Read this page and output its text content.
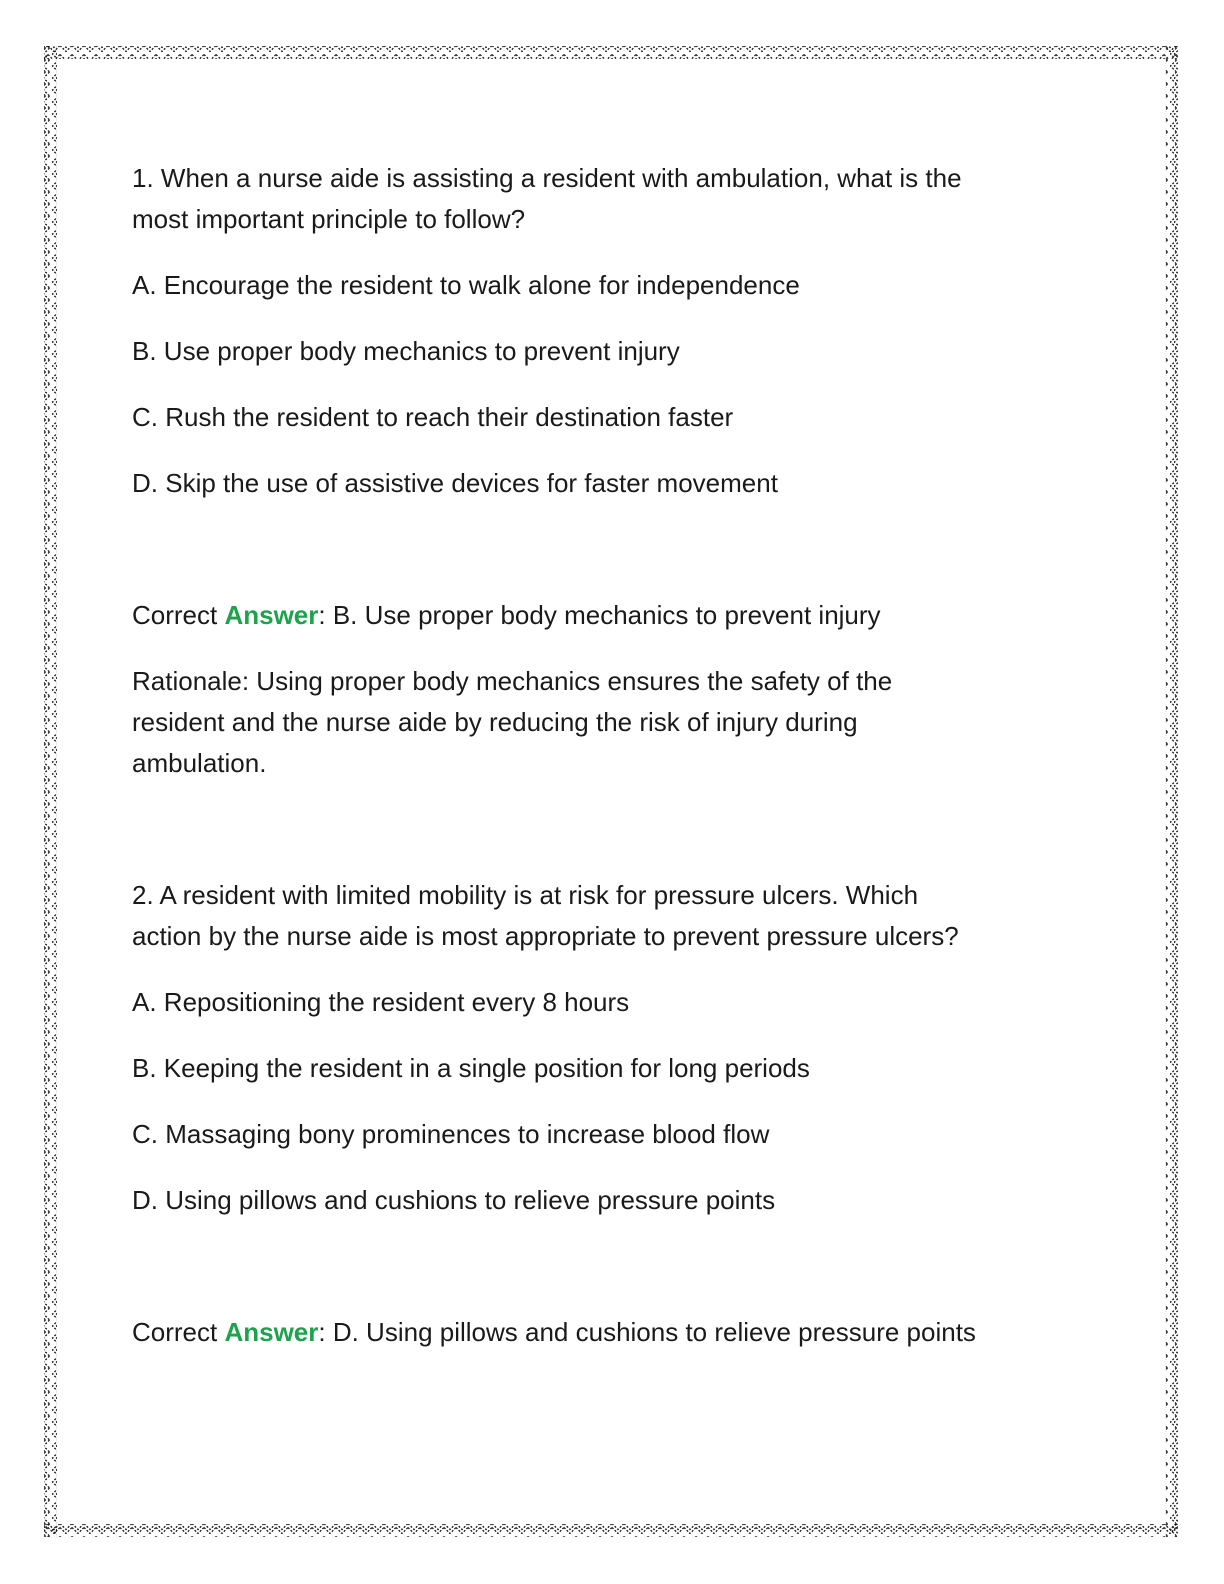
1. When a nurse aide is assisting a resident with ambulation, what is the
most important principle to follow?
A. Encourage the resident to walk alone for independence
B. Use proper body mechanics to prevent injury
C. Rush the resident to reach their destination faster
D. Skip the use of assistive devices for faster movement
Correct Answer: B. Use proper body mechanics to prevent injury
Rationale: Using proper body mechanics ensures the safety of the
resident and the nurse aide by reducing the risk of injury during
ambulation.
2. A resident with limited mobility is at risk for pressure ulcers. Which
action by the nurse aide is most appropriate to prevent pressure ulcers?
A. Repositioning the resident every 8 hours
B. Keeping the resident in a single position for long periods
C. Massaging bony prominences to increase blood flow
D. Using pillows and cushions to relieve pressure points
Correct Answer: D. Using pillows and cushions to relieve pressure points
